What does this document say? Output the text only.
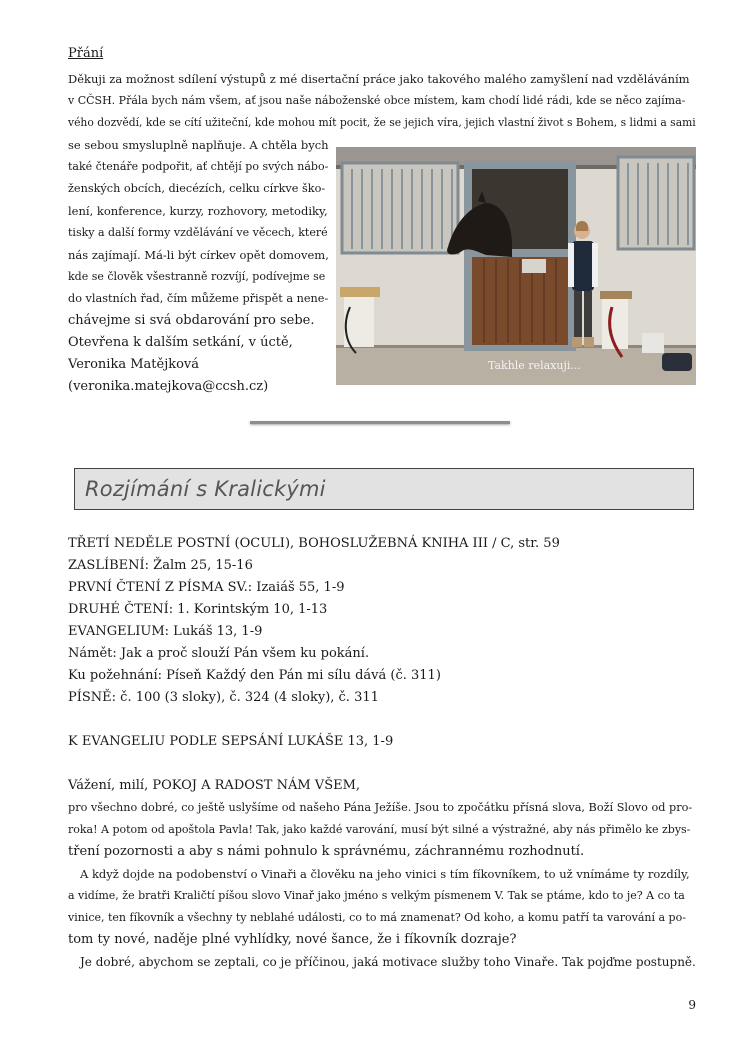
Přání
Děkuji za možnost sdílení výstupů z mé disertační práce jako takového malého zamyšlení nad vzděláváním
v CČSH. Přála bych nám všem, ať jsou naše náboženské obce místem, kam chodí lidé rádi, kde se něco zajíma-
vého dozvědí, kde se cítí užiteční, kde mohou mít pocit, že se jejich víra, jejich vlastní život s Bohem, s lidmi a sami
se sebou smysluplně naplňuje. A chtěla bych
také čtenáře podpořit, ať chtějí po svých nábo-
ženských obcích, diecézích, celku církve ško-
lení, konference, kurzy, rozhovory, metodiky,
tisky a další formy vzdělávání ve věcech, které
nás zajímají. Má-li být církev opět domovem,
kde se člověk všestranně rozvíjí, podívejme se
do vlastních řad, čím můžeme přispět a nene-
chávejme si svá obdarování pro sebe.
Otevřena k dalším setkání, v úctě,
Veronika Matějková
(veronika.matejkova@ccsh.cz)
Takhle relaxuji...
Rozjímání s Kralickými
TŘETÍ NEDĚLE POSTNÍ (OCULI), BOHOSLUŽEBNÁ KNIHA III / C, str. 59
ZASLÍBENÍ: Žalm 25, 15-16
PRVNÍ ČTENÍ Z PÍSMA SV.: Izaiáš 55, 1-9
DRUHÉ ČTENÍ: 1. Korintským 10, 1-13
EVANGELIUM: Lukáš 13, 1-9
Námět: Jak a proč slouží Pán všem ku pokání.
Ku požehnání: Píseň Každý den Pán mi sílu dává (č. 311)
PÍSNĚ: č. 100 (3 sloky), č. 324 (4 sloky), č. 311
K EVANGELIU PODLE SEPSÁNÍ LUKÁŠE 13, 1-9
Vážení, milí, POKOJ A RADOST NÁM VŠEM,
pro všechno dobré, co ještě uslyšíme od našeho Pána Ježíše. Jsou to zpočátku přísná slova, Boží Slovo od pro-
roka! A potom od apoštola Pavla! Tak, jako každé varování, musí být silné a výstražné, aby nás přimělo ke zbys-
tření pozornosti a aby s námi pohnulo k správnému, záchrannému rozhodnutí.
A když dojde na podobenství o Vinaři a člověku na jeho vinici s tím fíkovníkem, to už vnímáme ty rozdíly,
a vidíme, že bratři Kraličtí píšou slovo Vinař jako jméno s velkým písmenem V. Tak se ptáme, kdo to je? A co ta
vinice, ten fíkovník a všechny ty neblahé události, co to má znamenat? Od koho, a komu patří ta varování a po-
tom ty nové, naděje plné vyhlídky, nové šance, že i fíkovník dozraje?
Je dobré, abychom se zeptali, co je příčinou, jaká motivace služby toho Vinaře. Tak pojďme postupně.
9
